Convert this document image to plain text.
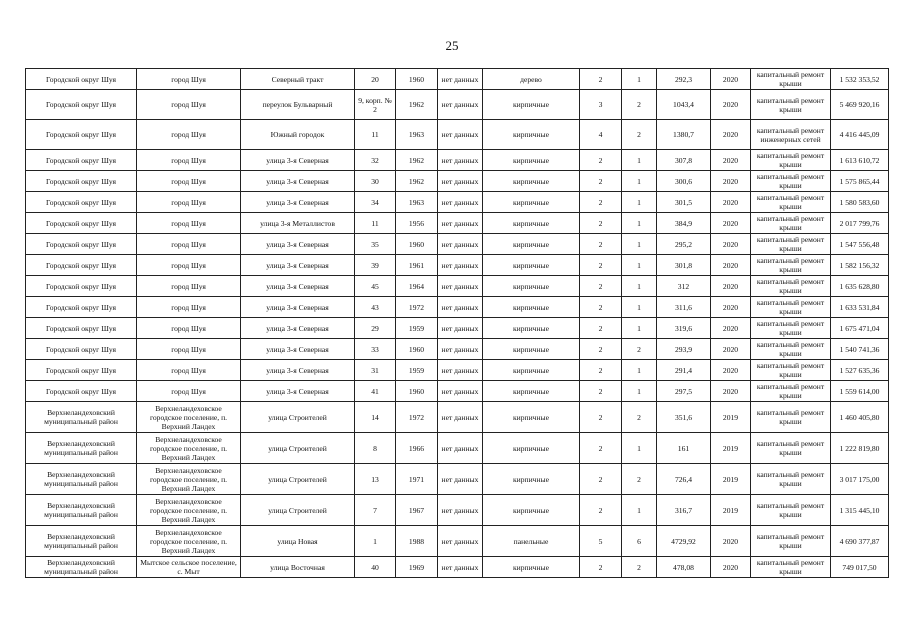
25
Городской округ Шуя	город Шуя	Северный тракт	20	1960	нет данных	дерево	2	1	292,3	2020	капитальный ремонт крыши	1 532 353,52
Городской округ Шуя	город Шуя	переулок Бульварный	9, корп. № 2	1962	нет данных	кирпичные	3	2	1043,4	2020	капитальный ремонт крыши	5 469 920,16
Городской округ Шуя	город Шуя	Южный городок	11	1963	нет данных	кирпичные	4	2	1380,7	2020	капитальный ремонт инженерных сетей	4 416 445,09
Городской округ Шуя	город Шуя	улица 3-я Северная	32	1962	нет данных	кирпичные	2	1	307,8	2020	капитальный ремонт крыши	1 613 610,72
Городской округ Шуя	город Шуя	улица 3-я Северная	30	1962	нет данных	кирпичные	2	1	300,6	2020	капитальный ремонт крыши	1 575 865,44
Городской округ Шуя	город Шуя	улица 3-я Северная	34	1963	нет данных	кирпичные	2	1	301,5	2020	капитальный ремонт крыши	1 580 583,60
Городской округ Шуя	город Шуя	улица 3-я Металлистов	11	1956	нет данных	кирпичные	2	1	384,9	2020	капитальный ремонт крыши	2 017 799,76
Городской округ Шуя	город Шуя	улица 3-я Северная	35	1960	нет данных	кирпичные	2	1	295,2	2020	капитальный ремонт крыши	1 547 556,48
Городской округ Шуя	город Шуя	улица 3-я Северная	39	1961	нет данных	кирпичные	2	1	301,8	2020	капитальный ремонт крыши	1 582 156,32
Городской округ Шуя	город Шуя	улица 3-я Северная	45	1964	нет данных	кирпичные	2	1	312	2020	капитальный ремонт крыши	1 635 628,80
Городской округ Шуя	город Шуя	улица 3-я Северная	43	1972	нет данных	кирпичные	2	1	311,6	2020	капитальный ремонт крыши	1 633 531,84
Городской округ Шуя	город Шуя	улица 3-я Северная	29	1959	нет данных	кирпичные	2	1	319,6	2020	капитальный ремонт крыши	1 675 471,04
Городской округ Шуя	город Шуя	улица 3-я Северная	33	1960	нет данных	кирпичные	2	2	293,9	2020	капитальный ремонт крыши	1 540 741,36
Городской округ Шуя	город Шуя	улица 3-я Северная	31	1959	нет данных	кирпичные	2	1	291,4	2020	капитальный ремонт крыши	1 527 635,36
Городской округ Шуя	город Шуя	улица 3-я Северная	41	1960	нет данных	кирпичные	2	1	297,5	2020	капитальный ремонт крыши	1 559 614,00
Верхнеландеховский муниципальный район	Верхнеландеховское городское поселение, п. Верхний Ландех	улица Строителей	14	1972	нет данных	кирпичные	2	2	351,6	2019	капитальный ремонт крыши	1 460 405,80
Верхнеландеховский муниципальный район	Верхнеландеховское городское поселение, п. Верхний Ландех	улица Строителей	8	1966	нет данных	кирпичные	2	1	161	2019	капитальный ремонт крыши	1 222 819,80
Верхнеландеховский муниципальный район	Верхнеландеховское городское поселение, п. Верхний Ландех	улица Строителей	13	1971	нет данных	кирпичные	2	2	726,4	2019	капитальный ремонт крыши	3 017 175,00
Верхнеландеховский муниципальный район	Верхнеландеховское городское поселение, п. Верхний Ландех	улица Строителей	7	1967	нет данных	кирпичные	2	1	316,7	2019	капитальный ремонт крыши	1 315 445,10
Верхнеландеховский муниципальный район	Верхнеландеховское городское поселение, п. Верхний Ландех	улица Новая	1	1988	нет данных	панельные	5	6	4729,92	2020	капитальный ремонт крыши	4 690 377,87
Верхнеландеховский муниципальный район	Мытское сельское поселение, с. Мыт	улица Восточная	40	1969	нет данных	кирпичные	2	2	478,08	2020	капитальный ремонт крыши	749 017,50
